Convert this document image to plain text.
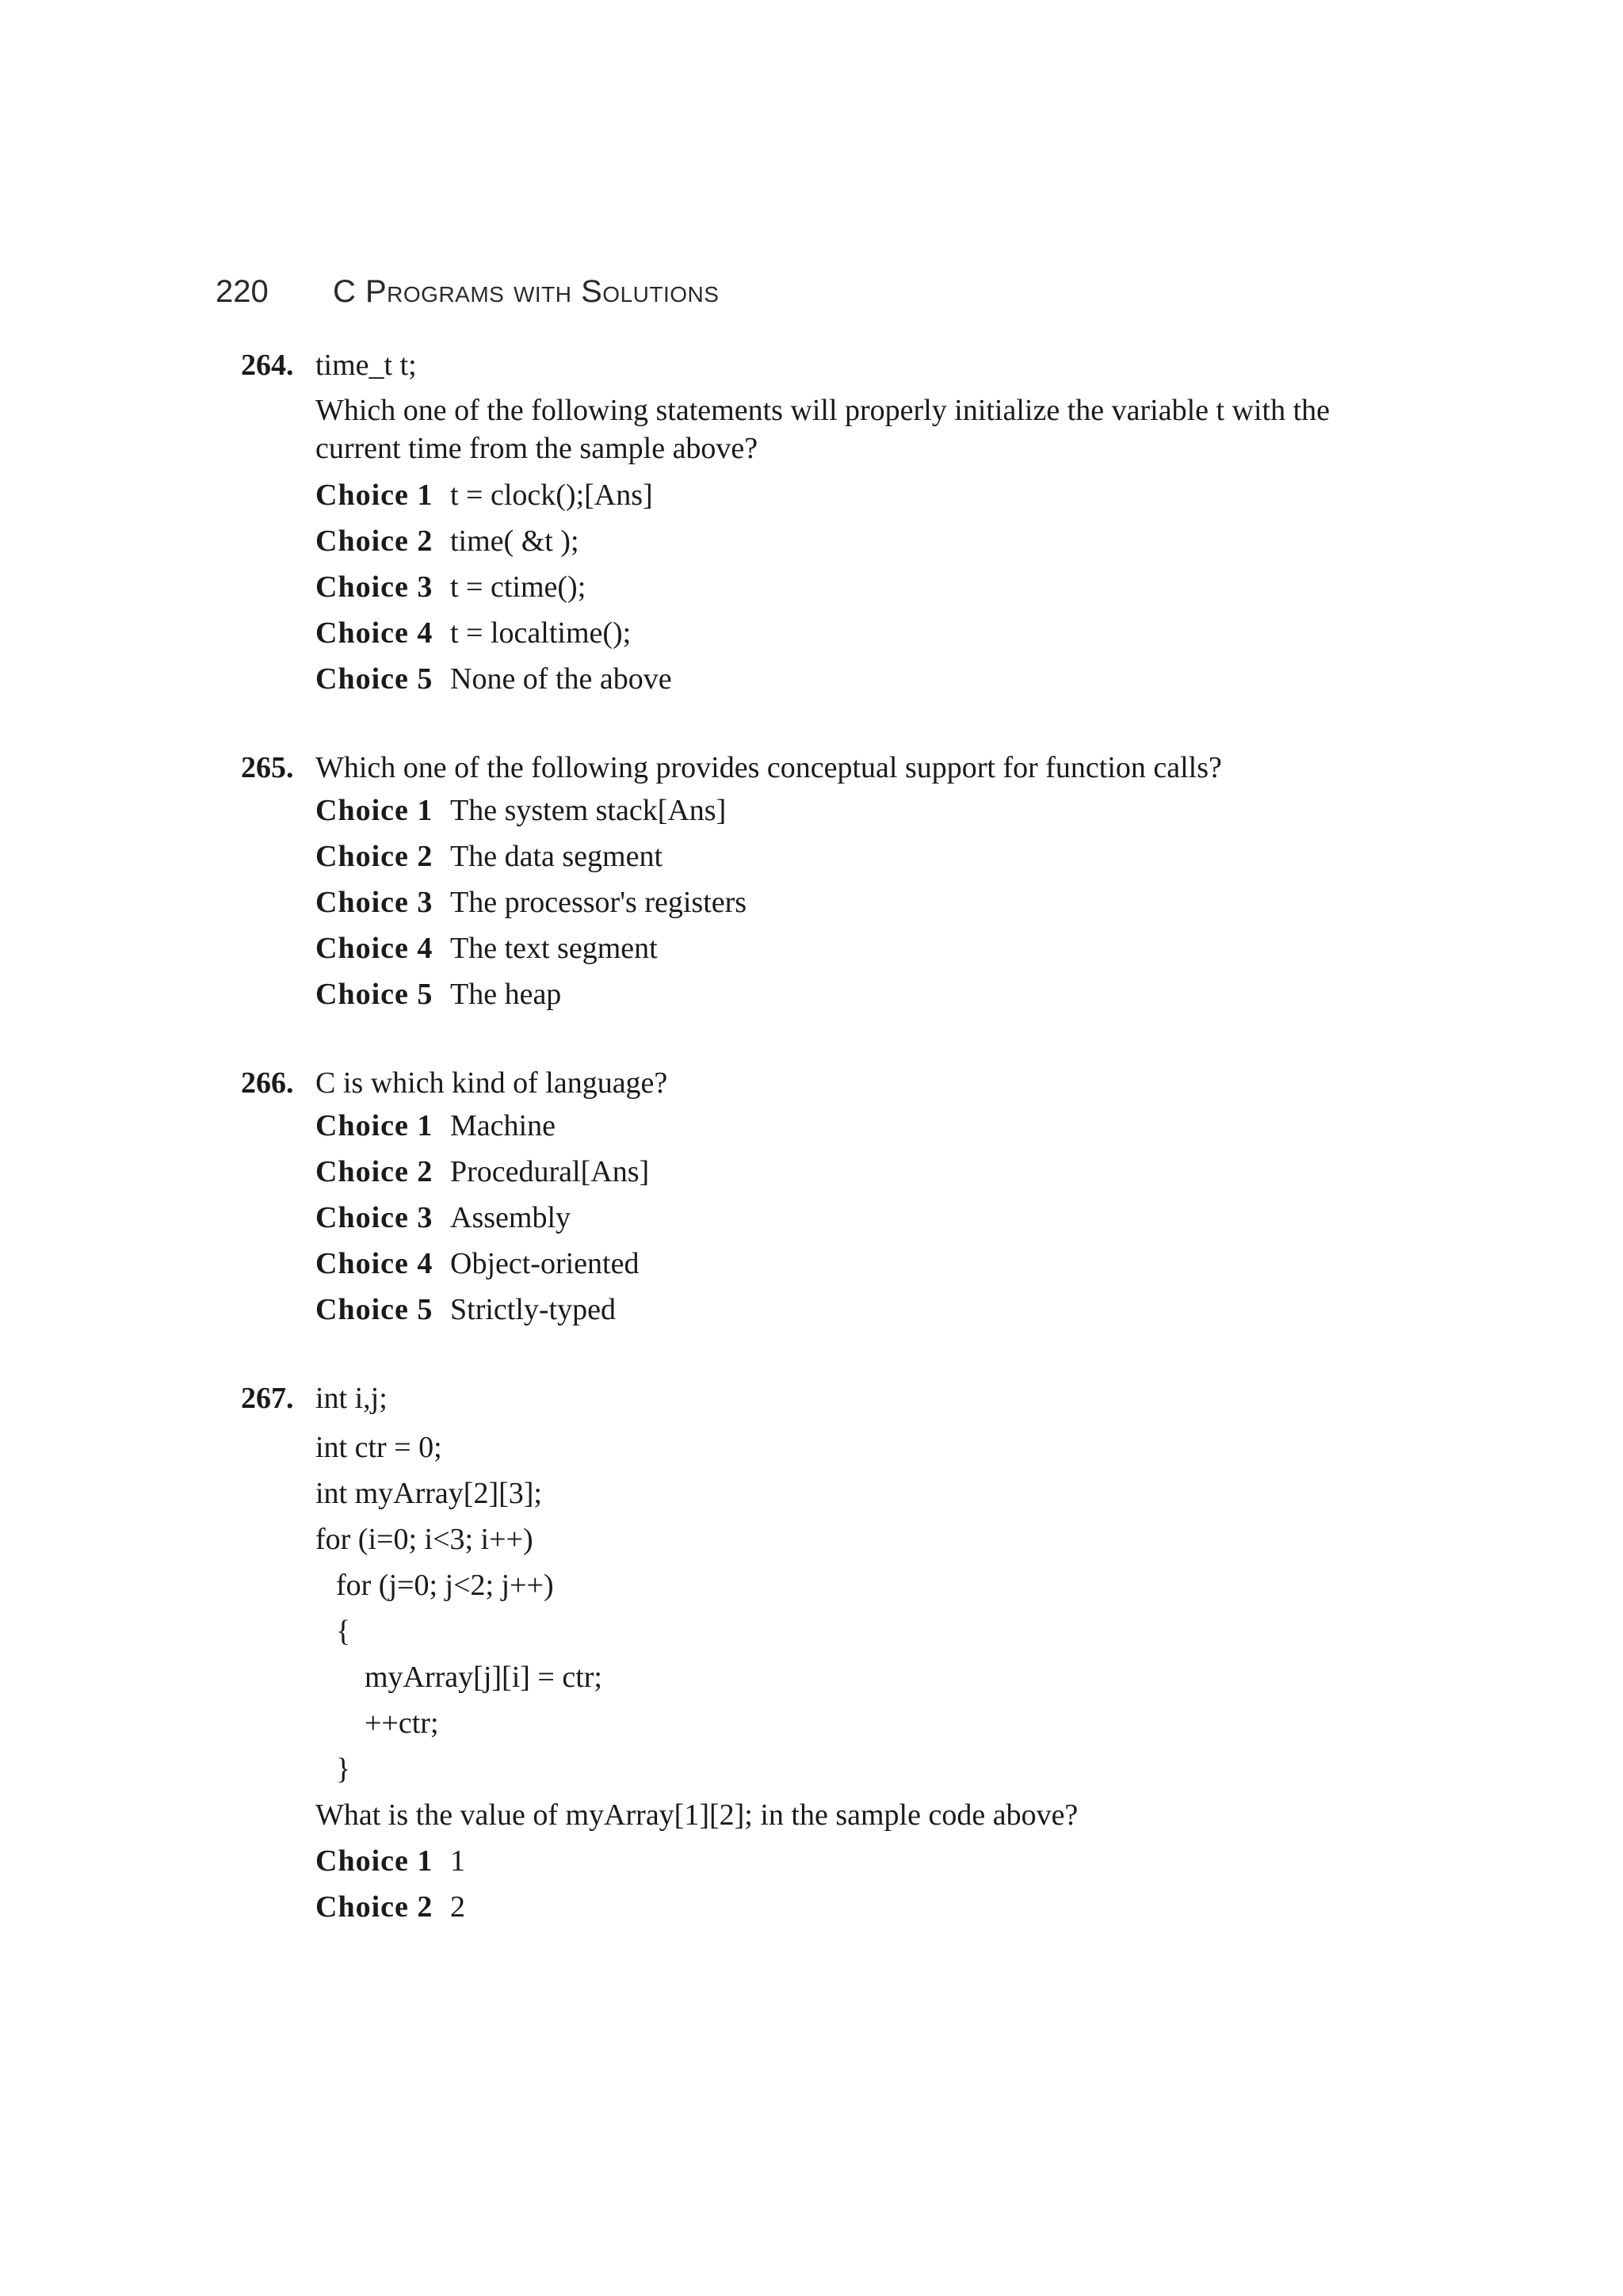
220 C Programs with Solutions
264. time_t t;
Which one of the following statements will properly initialize the variable t with the current time from the sample above?
Choice 1 t = clock();[Ans]
Choice 2 time( &t );
Choice 3 t = ctime();
Choice 4 t = localtime();
Choice 5 None of the above
265. Which one of the following provides conceptual support for function calls?
Choice 1 The system stack[Ans]
Choice 2 The data segment
Choice 3 The processor's registers
Choice 4 The text segment
Choice 5 The heap
266. C is which kind of language?
Choice 1 Machine
Choice 2 Procedural[Ans]
Choice 3 Assembly
Choice 4 Object-oriented
Choice 5 Strictly-typed
267. int i,j;
int ctr = 0;
int myArray[2][3];
for (i=0; i<3; i++)
for (j=0; j<2; j++)
{
myArray[j][i] = ctr;
++ctr;
}
What is the value of myArray[1][2]; in the sample code above?
Choice 1 1
Choice 2 2
